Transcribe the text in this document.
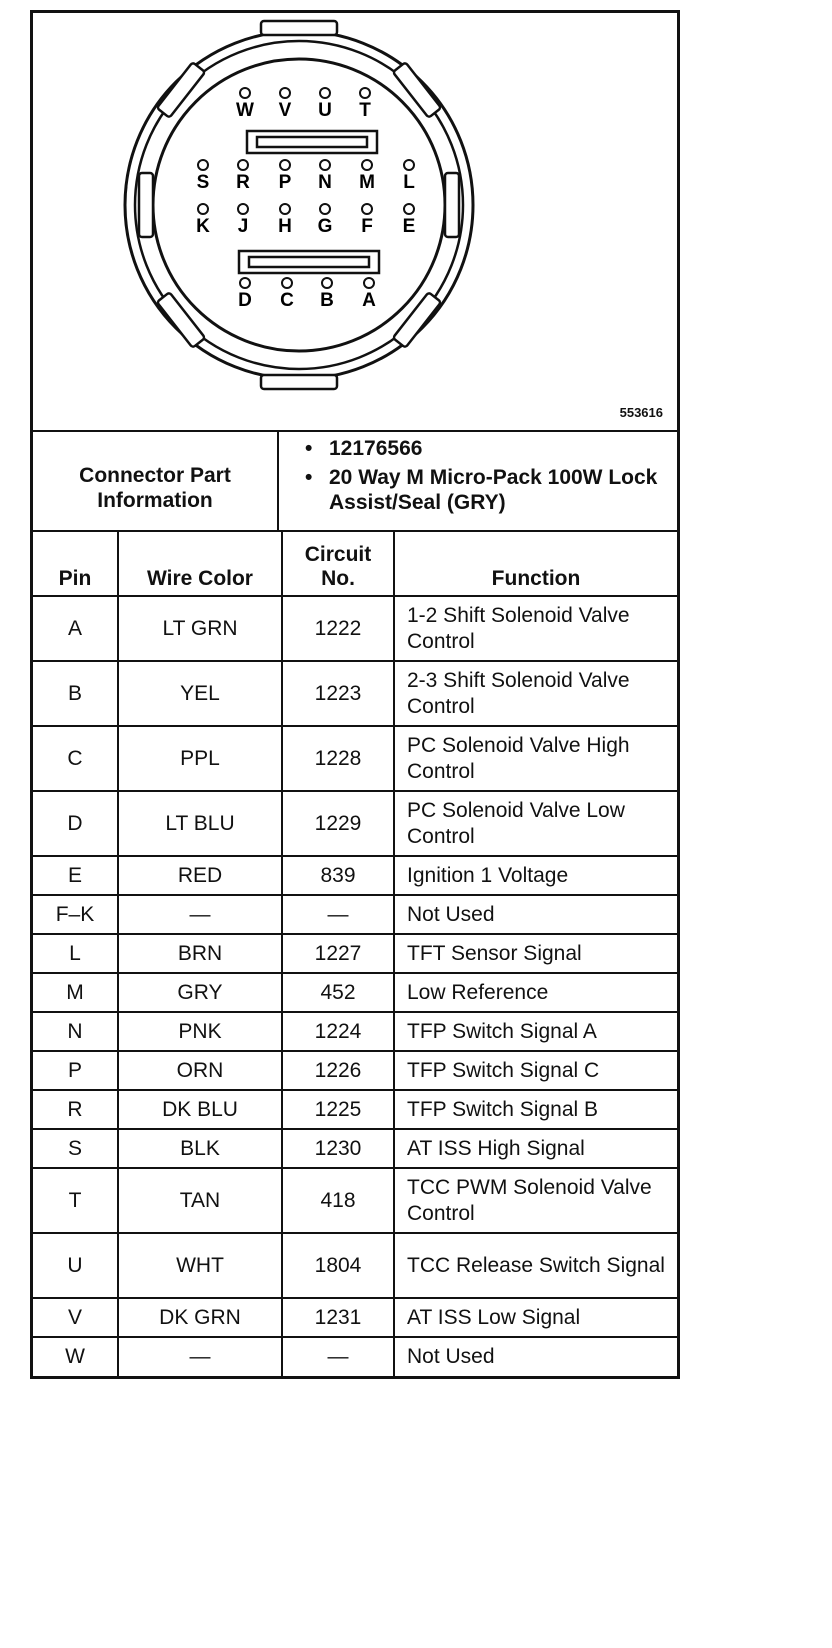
W V U T
S R P N M L
K J H G F E
D C B A
553616
Connector Part Information
• 12176566
• 20 Way M Micro-Pack 100W Lock Assist/Seal (GRY)
Pin	Wire Color	Circuit No.	Function
A	LT GRN	1222	1-2 Shift Solenoid Valve Control
B	YEL	1223	2-3 Shift Solenoid Valve Control
C	PPL	1228	PC Solenoid Valve High Control
D	LT BLU	1229	PC Solenoid Valve Low Control
E	RED	839	Ignition 1 Voltage
F–K	—	—	Not Used
L	BRN	1227	TFT Sensor Signal
M	GRY	452	Low Reference
N	PNK	1224	TFP Switch Signal A
P	ORN	1226	TFP Switch Signal C
R	DK BLU	1225	TFP Switch Signal B
S	BLK	1230	AT ISS High Signal
T	TAN	418	TCC PWM Solenoid Valve Control
U	WHT	1804	TCC Release Switch Signal
V	DK GRN	1231	AT ISS Low Signal
W	—	—	Not Used
